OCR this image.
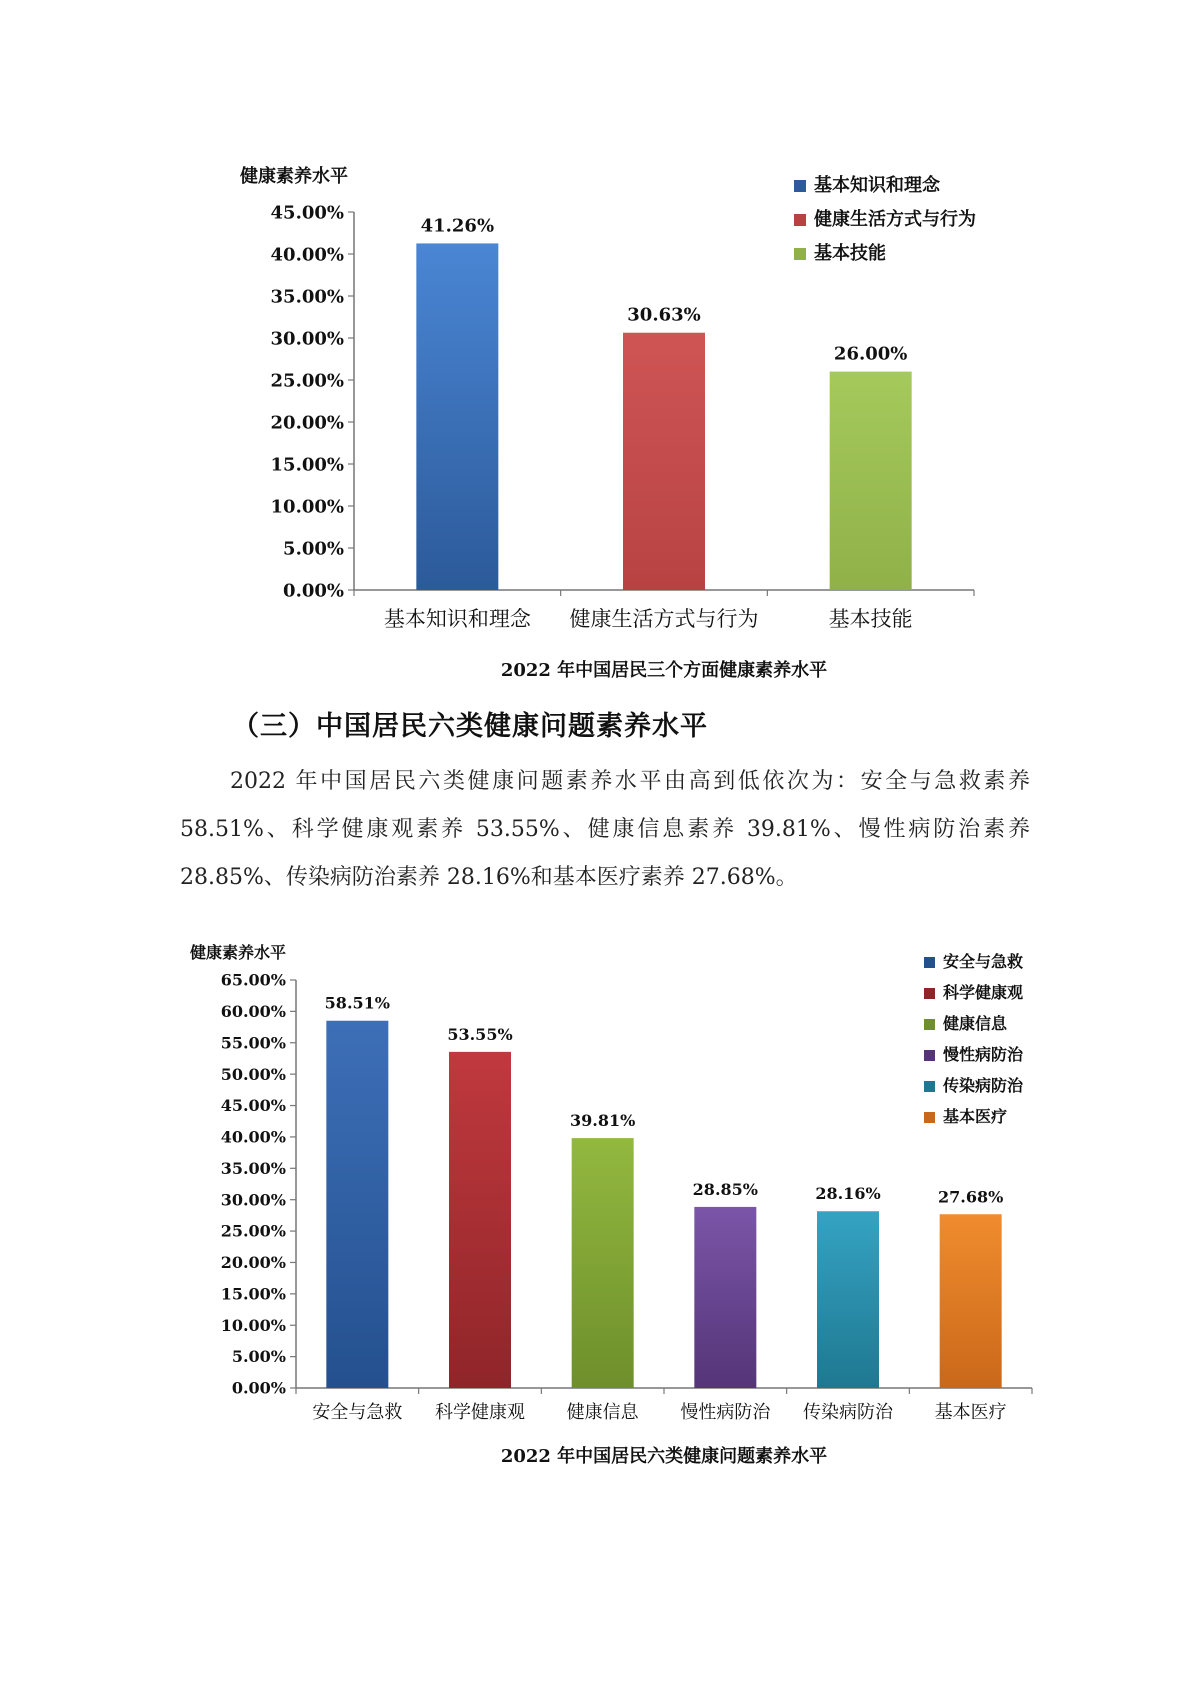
健康素养水平
0.00%
5.00%
10.00%
15.00%
20.00%
25.00%
30.00%
35.00%
40.00%
45.00%
41.26%
基本知识和理念
30.63%
健康生活方式与行为
26.00%
基本技能
基本知识和理念
健康生活方式与行为
基本技能
2022 年中国居民三个方面健康素养水平
（三）中国居民六类健康问题素养水平

2022 年中国居民六类健康问题素养水平由高到低依次为：安全与急救素养 58.51%、科学健康观素养 53.55%、健康信息素养 39.81%、慢性病防治素养 28.85%、传染病防治素养 28.16%和基本医疗素养 27.68%。

健康素养水平
0.00%
5.00%
10.00%
15.00%
20.00%
25.00%
30.00%
35.00%
40.00%
45.00%
50.00%
55.00%
60.00%
65.00%
58.51%
安全与急救
53.55%
科学健康观
39.81%
健康信息
28.85%
慢性病防治
28.16%
传染病防治
27.68%
基本医疗
安全与急救
科学健康观
健康信息
慢性病防治
传染病防治
基本医疗
2022 年中国居民六类健康问题素养水平
